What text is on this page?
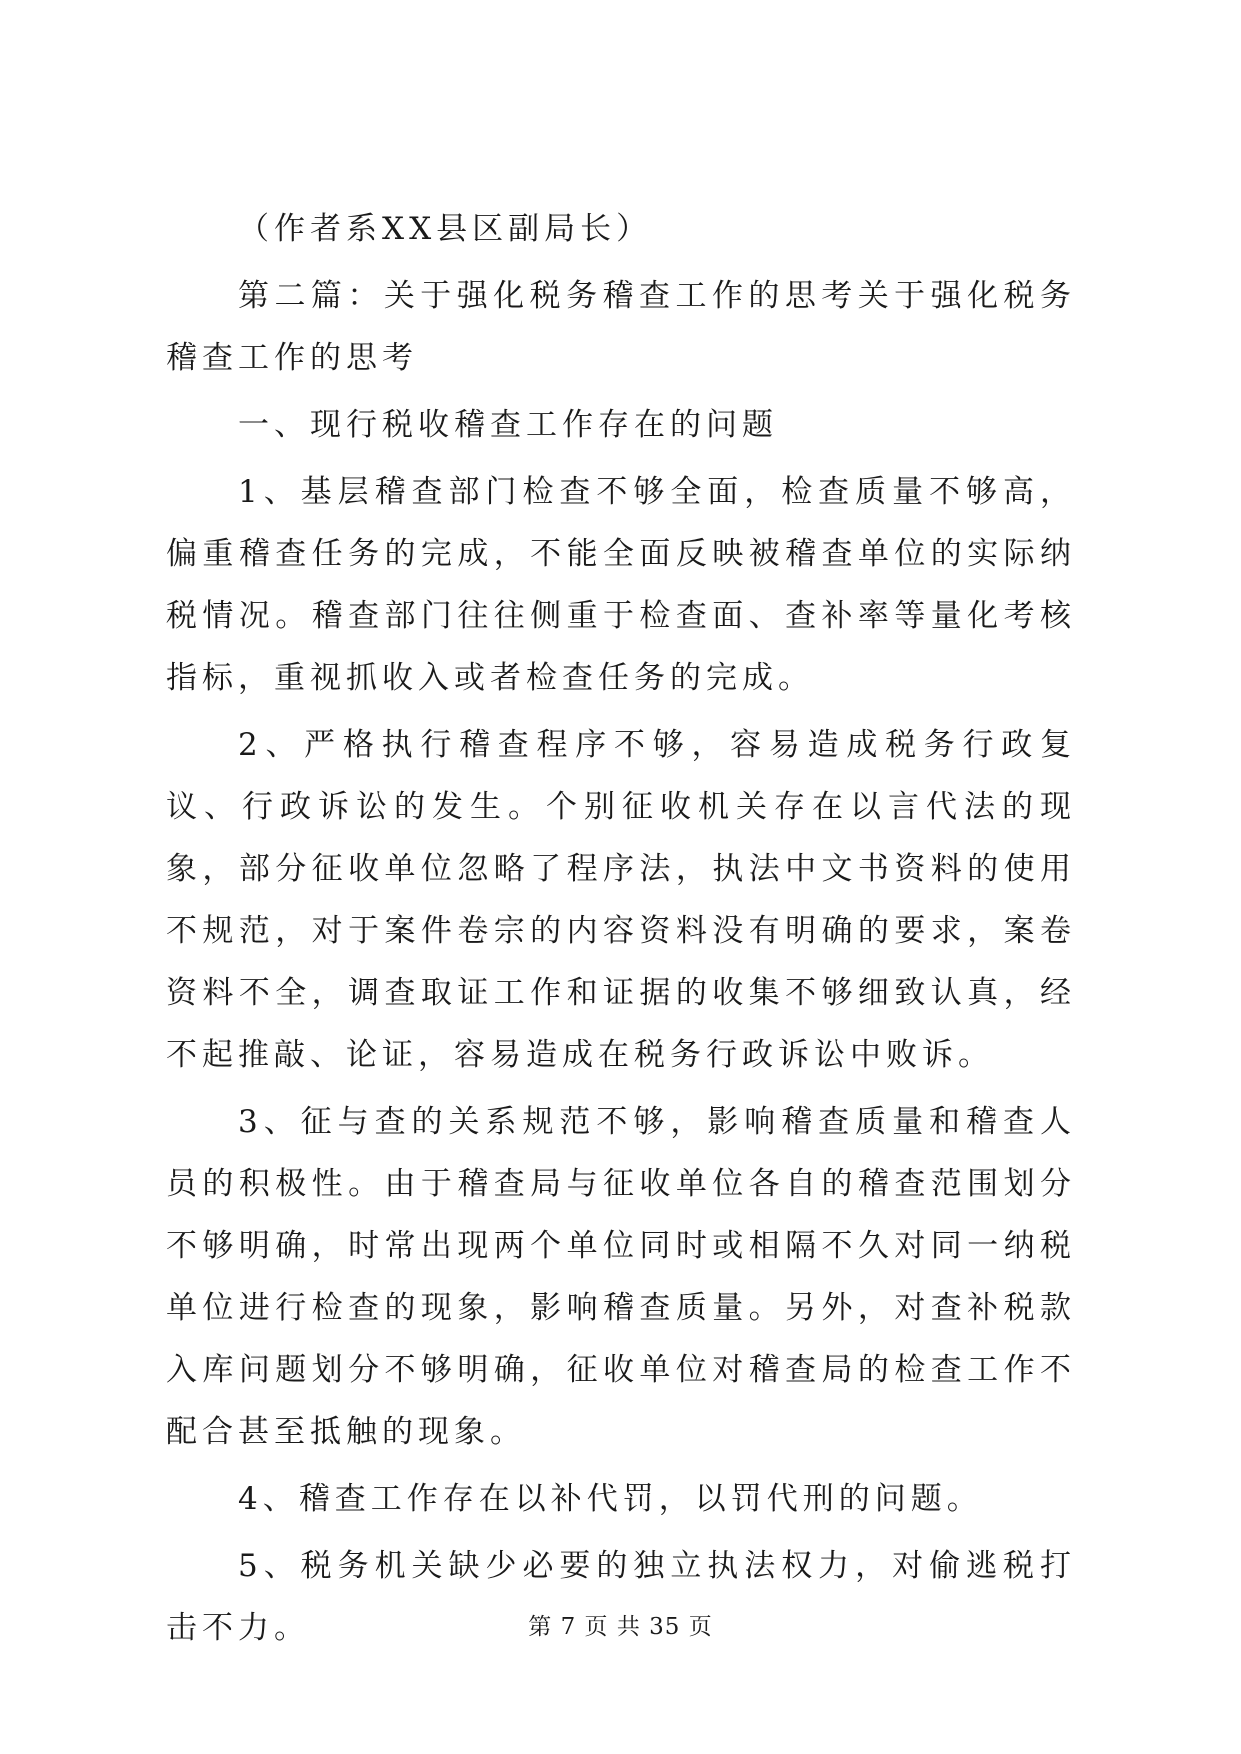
（作者系XX县区副局长）

第二篇：关于强化税务稽查工作的思考关于强化税务稽查工作的思考

一、现行税收稽查工作存在的问题

1、基层稽查部门检查不够全面，检查质量不够高，偏重稽查任务的完成，不能全面反映被稽查单位的实际纳税情况。稽查部门往往侧重于检查面、查补率等量化考核指标，重视抓收入或者检查任务的完成。

2、严格执行稽查程序不够，容易造成税务行政复议、行政诉讼的发生。个别征收机关存在以言代法的现象，部分征收单位忽略了程序法，执法中文书资料的使用不规范，对于案件卷宗的内容资料没有明确的要求，案卷资料不全，调查取证工作和证据的收集不够细致认真，经不起推敲、论证，容易造成在税务行政诉讼中败诉。

3、征与查的关系规范不够，影响稽查质量和稽查人员的积极性。由于稽查局与征收单位各自的稽查范围划分不够明确，时常出现两个单位同时或相隔不久对同一纳税单位进行检查的现象，影响稽查质量。另外，对查补税款入库问题划分不够明确，征收单位对稽查局的检查工作不配合甚至抵触的现象。

4、稽查工作存在以补代罚，以罚代刑的问题。

5、税务机关缺少必要的独立执法权力，对偷逃税打击不力。	第 7 页 共 35 页
